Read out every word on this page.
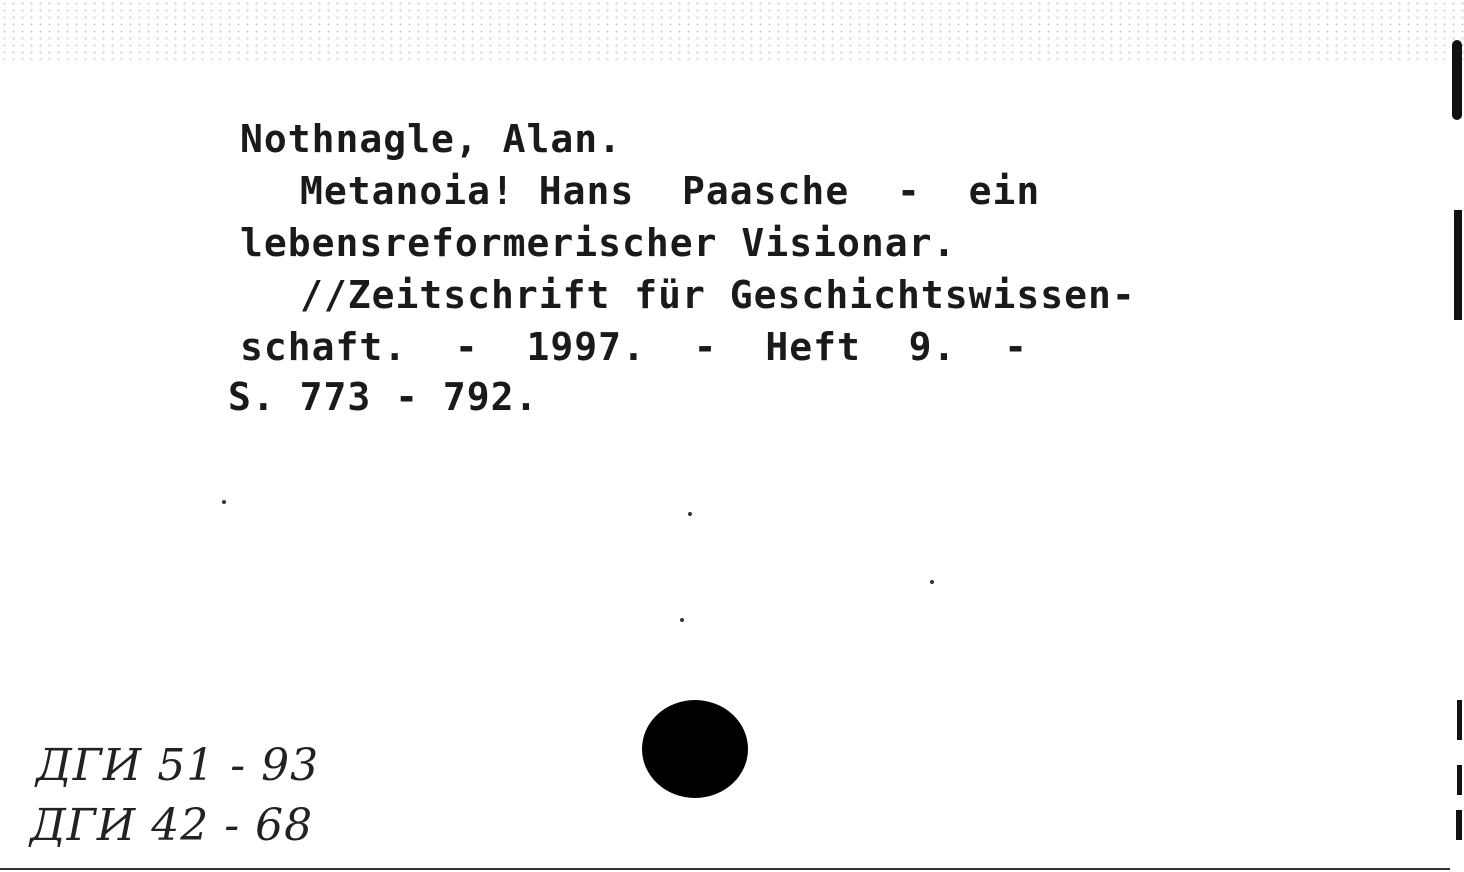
Nothnagle, Alan.
Metanoia! Hans  Paasche  -  ein
lebensreformerischer Visionar.
//Zeitschrift für Geschichtswissen-
schaft.  -  1997.  -  Heft  9.  -
S. 773 - 792.
ДГИ 51 - 93
ДГИ 42 - 68
